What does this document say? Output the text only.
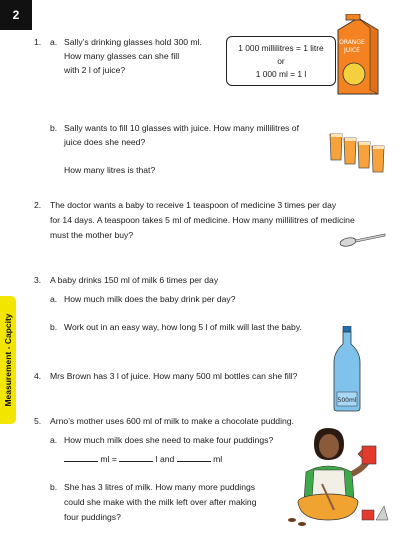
2
Measurement - Capcity
1. a. Sally’s drinking glasses hold 300 ml.
How many glasses can she fill
with 2 l of juice?
1 000 millilitres = 1 litre
or
1 000 ml = 1 l
ORANGE
JUICE
b. Sally wants to fill 10 glasses with juice. How many millilitres of
juice does she need?
How many litres is that?
2. The doctor wants a baby to receive 1 teaspoon of medicine 3 times per day
for 14 days. A teaspoon takes 5 ml of medicine. How many millilitres of medicine
must the mother buy?
3. A baby drinks 150 ml of milk 6 times per day
a. How much milk does the baby drink per day?
b. Work out in an easy way, how long 5 l of milk will last the baby.
500ml
4. Mrs Brown has 3 l of juice. How many 500 ml bottles can she fill?
5. Arno’s mother uses 600 ml of milk to make a chocolate pudding.
a. How much milk does she need to make four puddings?
ml =	l and	ml
b. She has 3 litres of milk. How many more puddings
could she make with the milk left over after making
four puddings?
